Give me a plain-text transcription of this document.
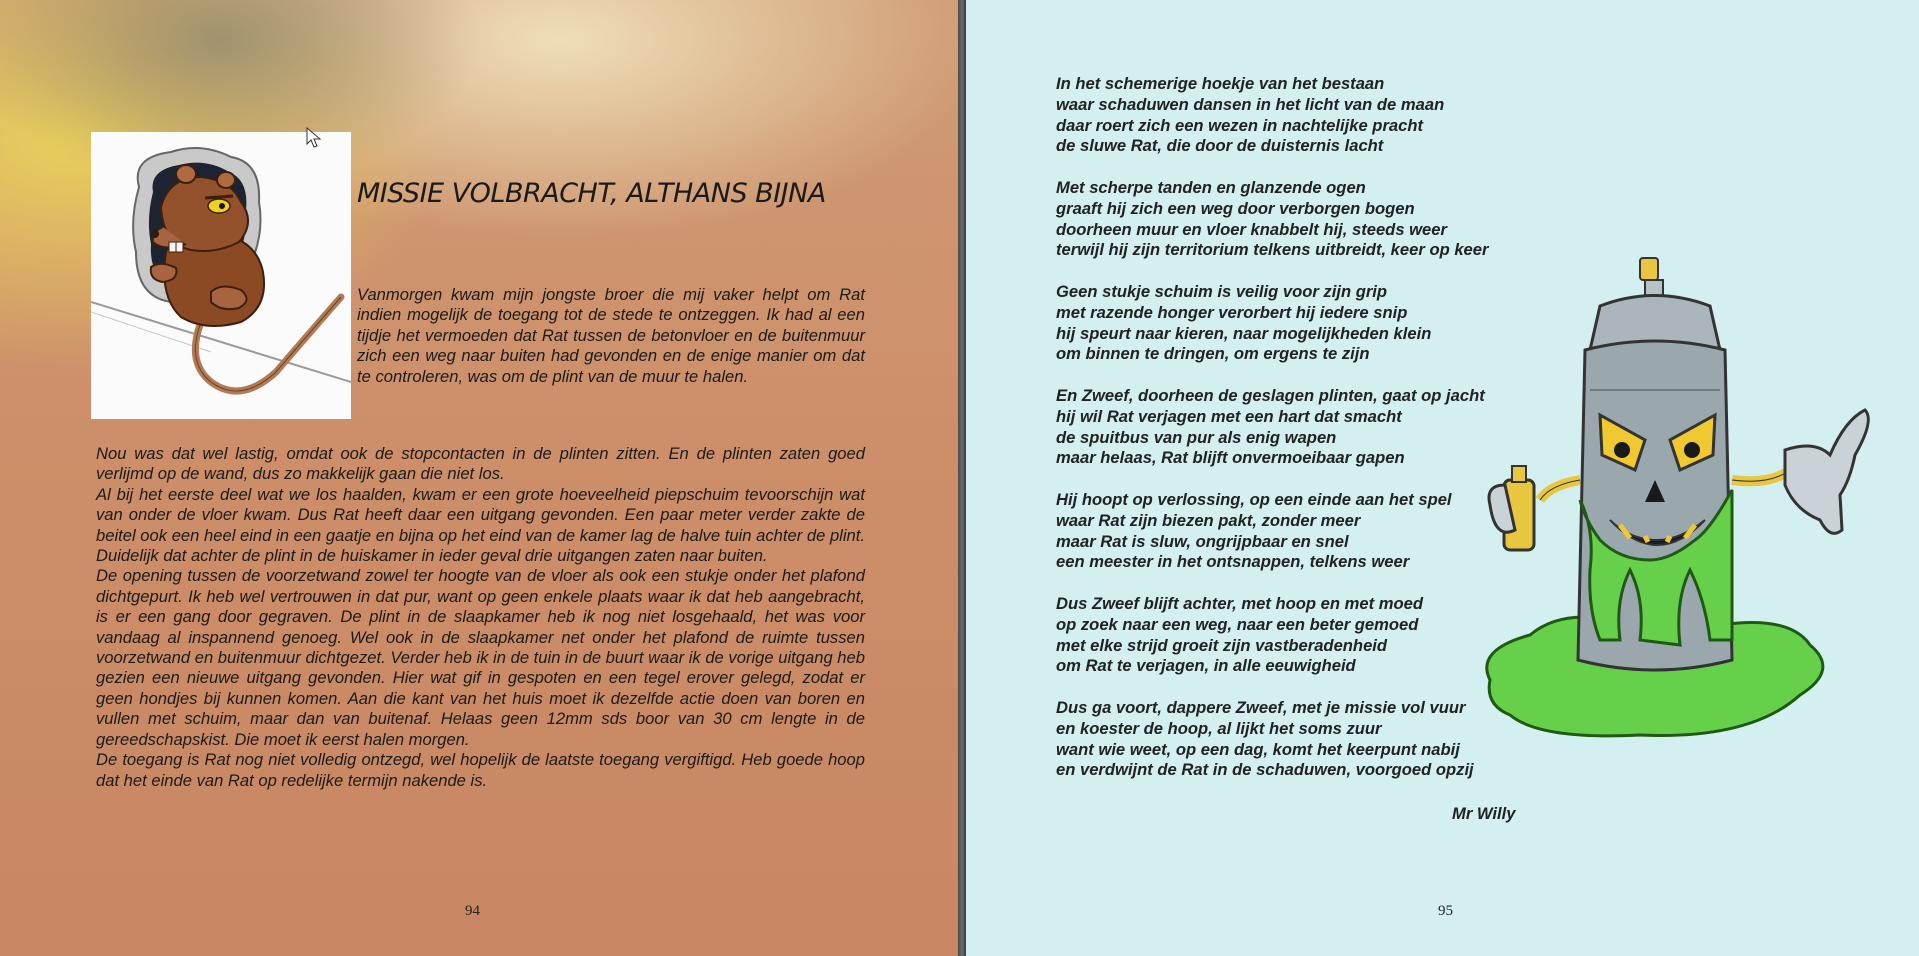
MISSIE VOLBRACHT, ALTHANS BIJNA

Vanmorgen kwam mijn jongste broer die mij vaker helpt om Rat indien mogelijk de toegang tot de stede te ontzeggen. Ik had al een tijdje het vermoeden dat Rat tussen de betonvloer en de buitenmuur zich een weg naar buiten had gevonden en de enige manier om dat te controleren, was om de plint van de muur te halen.

Nou was dat wel lastig, omdat ook de stopcontacten in de plinten zitten. En de plinten zaten goed verlijmd op de wand, dus zo makkelijk gaan die niet los.

Al bij het eerste deel wat we los haalden, kwam er een grote hoeveelheid piepschuim tevoorschijn wat van onder de vloer kwam. Dus Rat heeft daar een uitgang gevonden. Een paar meter verder zakte de beitel ook een heel eind in een gaatje en bijna op het eind van de kamer lag de halve tuin achter de plint. Duidelijk dat achter de plint in de huiskamer in ieder geval drie uitgangen zaten naar buiten.

De opening tussen de voorzetwand zowel ter hoogte van de vloer als ook een stukje onder het plafond dichtgepurt. Ik heb wel vertrouwen in dat pur, want op geen enkele plaats waar ik dat heb aangebracht, is er een gang door gegraven. De plint in de slaapkamer heb ik nog niet losgehaald, het was voor vandaag al inspannend genoeg. Wel ook in de slaapkamer net onder het plafond de ruimte tussen voorzetwand en buitenmuur dichtgezet. Verder heb ik in de tuin in de buurt waar ik de vorige uitgang heb gezien een nieuwe uitgang gevonden. Hier wat gif in gespoten en een tegel erover gelegd, zodat er geen hondjes bij kunnen komen. Aan die kant van het huis moet ik dezelfde actie doen van boren en vullen met schuim, maar dan van buitenaf. Helaas geen 12mm sds boor van 30 cm lengte in de gereedschapskist. Die moet ik eerst halen morgen.

De toegang is Rat nog niet volledig ontzegd, wel hopelijk de laatste toegang vergiftigd. Heb goede hoop dat het einde van Rat op redelijke termijn nakende is.

94	95
In het schemerige hoekje van het bestaan
waar schaduwen dansen in het licht van de maan
daar roert zich een wezen in nachtelijke pracht
de sluwe Rat, die door de duisternis lacht
Met scherpe tanden en glanzende ogen
graaft hij zich een weg door verborgen bogen
doorheen muur en vloer knabbelt hij, steeds weer
terwijl hij zijn territorium telkens uitbreidt, keer op keer
Geen stukje schuim is veilig voor zijn grip
met razende honger verorbert hij iedere snip
hij speurt naar kieren, naar mogelijkheden klein
om binnen te dringen, om ergens te zijn
En Zweef, doorheen de geslagen plinten, gaat op jacht
hij wil Rat verjagen met een hart dat smacht
de spuitbus van pur als enig wapen
maar helaas, Rat blijft onvermoeibaar gapen
Hij hoopt op verlossing, op een einde aan het spel
waar Rat zijn biezen pakt, zonder meer
maar Rat is sluw, ongrijpbaar en snel
een meester in het ontsnappen, telkens weer
Dus Zweef blijft achter, met hoop en met moed
op zoek naar een weg, naar een beter gemoed
met elke strijd groeit zijn vastberadenheid
om Rat te verjagen, in alle eeuwigheid
Dus ga voort, dappere Zweef, met je missie vol vuur
en koester de hoop, al lijkt het soms zuur
want wie weet, op een dag, komt het keerpunt nabij
en verdwijnt de Rat in de schaduwen, voorgoed opzij
Mr Willy
